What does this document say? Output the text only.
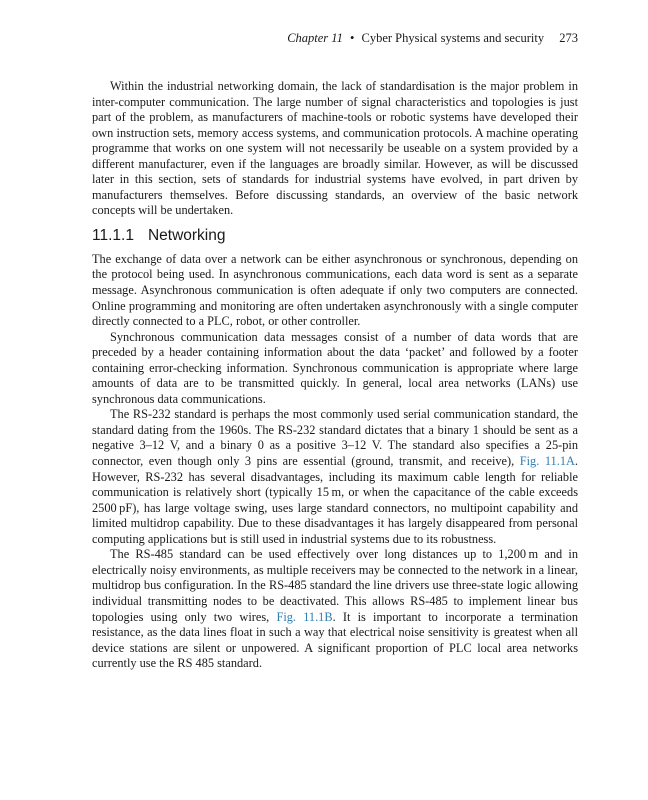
Chapter 11 • Cyber Physical systems and security 273

Within the industrial networking domain, the lack of standardisation is the major problem in inter-computer communication. The large number of signal characteristics and topologies is just part of the problem, as manufacturers of machine-tools or robotic systems have developed their own instruction sets, memory access systems, and communication protocols. A machine operating programme that works on one system will not necessarily be useable on a system provided by a different manufacturer, even if the languages are broadly similar. However, as will be discussed later in this section, sets of standards for industrial systems have evolved, in part driven by manufacturers themselves. Before discussing standards, an overview of the basic network concepts will be undertaken.

11.1.1 Networking

The exchange of data over a network can be either asynchronous or synchronous, depending on the protocol being used. In asynchronous communications, each data word is sent as a separate message. Asynchronous communication is often adequate if only two computers are connected. Online programming and monitoring are often undertaken asynchronously with a single computer directly connected to a PLC, robot, or other controller.

Synchronous communication data messages consist of a number of data words that are preceded by a header containing information about the data ‘packet’ and followed by a footer containing error-checking information. Synchronous communication is appropriate where large amounts of data are to be transmitted quickly. In general, local area networks (LANs) use synchronous data communications.

The RS-232 standard is perhaps the most commonly used serial communication standard, the standard dating from the 1960s. The RS-232 standard dictates that a binary 1 should be sent as a negative 3–12 V, and a binary 0 as a positive 3–12 V. The standard also specifies a 25-pin connector, even though only 3 pins are essential (ground, transmit, and receive), Fig. 11.1A. However, RS-232 has several disadvantages, including its maximum cable length for reliable communication is relatively short (typically 15 m, or when the capacitance of the cable exceeds 2500 pF), has large voltage swing, uses large standard connectors, no multipoint capability and limited multidrop capability. Due to these disadvantages it has largely disappeared from personal computing applications but is still used in industrial systems due to its robustness.

The RS-485 standard can be used effectively over long distances up to 1,200 m and in electrically noisy environments, as multiple receivers may be connected to the network in a linear, multidrop bus configuration. In the RS-485 standard the line drivers use three-state logic allowing individual transmitting nodes to be deactivated. This allows RS-485 to implement linear bus topologies using only two wires, Fig. 11.1B. It is important to incorporate a termination resistance, as the data lines float in such a way that electrical noise sensitivity is greatest when all device stations are silent or unpowered. A significant proportion of PLC local area networks currently use the RS 485 standard.
